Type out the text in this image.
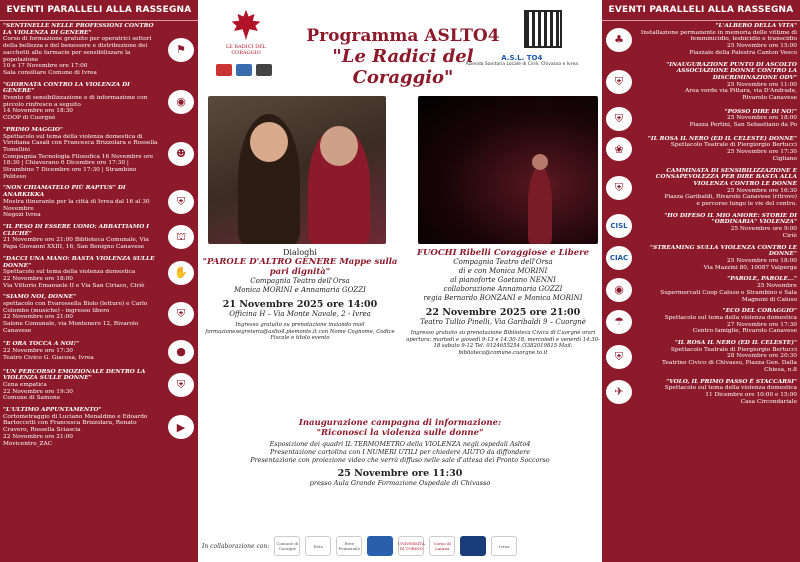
EVENTI PARALLELI ALLA RASSEGNA
"SENTINELLE NELLE PROFESSIONI CONTRO LA VIOLENZA DI GENERE"
Corso di formazione gratuito per operatrici settori della bellezza e del benessere e distribuzione dei sacchetti alle farmacie per sensibilizzare la popolazione
10 e 17 Novembre ore 17:00
Sala consiliare Comune di Ivrea
⚑
"GIORNATA CONTRO LA VIOLENZA DI GENERE"
Evento di sensibilizzazione e di informazione con piccolo rinfresco a seguito
14 Novembre ore 18:30
COOP di Cuorgnè
◉
"PRIMO MAGGIO"
Spettacolo sul tema della violenza domestica di Viridiana Casali con Francesca Brizzolara e Rossella Tomellini
Compagnia Tecnologia Filosofica 16 Novembre ore 18:30 | Chiaverano 6 Dicembre ore 17:30 | Strambino 7 Dicembre ore 17:30 | Strambino Politeso
☻
"NON CHIAMATELO PIÙ RAPTUS" DI ANARKIKKA
Mostra itinerante per la città di Ivrea dal 16 al 30 Novembre
Negozi Ivrea
⛨
"IL PESO DI ESSERE UOMO: ABBATTIAMO I CLICHÉ"
21 Novembre ore 21:00 Biblioteca Comunale, Via Papa Giovanni XXIII, 16, San Benigno Canavese
⛫
"DACCI UNA MANO: BASTA VIOLENZA SULLE DONNE"
Spettacolo sul tema della violenza domestica
22 Novembre ore 18:00
Via Vittorio Emanuele II e Via San Ciriaco, Ciriè
✋
"SIAMO NOI, DONNE"
spettacolo con Evarossella Biolo (letture) e Carlo Colombo (musiche) - ingresso libero
22 Novembre ore 21:00
Salone Comunale, via Montenero 12, Rivarolo Canavese
⛨
"E ORA TOCCA A NOI!"
22 Novembre ore 17:30
Teatro Civico G. Giacosa, Ivrea	●
"UN PERCORSO EMOZIONALE DENTRO LA VIOLENZA SULLE DONNE"
Cena empatica
22 Novembre ore 19:30
Comune di Samone
⛨
"L'ULTIMO APPUNTAMENTO"
Cortometraggio di Luciano Menaldino e Edoardo Bartoccetti con Francesca Brizzolara, Renato Cravero, Rossella Sciascia
22 Novembre ore 21:00
Movicentro_ZAC
▶
LE RADICI DEL CORAGGIO
Programma ASLTO4
"Le Radici del Coraggio"
A.S.L. TO4
Azienda Sanitaria Locale di Ciriè, Chivasso e Ivrea
Dialoghi
"PAROLE D'ALTRO GENERE Mappe sulla pari dignità"
Compagnia Teatro dell'Orsa
Monica MORINI e Annamaria GOZZI
21 Novembre 2025 ore 14:00
Officina H – Via Monte Navale, 2 - Ivrea
Ingresso gratuito su prenotazione inviando mail formazionesegreteria@aslto4.piemonte.it con Nome Cognome, Codice Fiscale e titolo evento
FUOCHI Ribelli Coraggiose e Libere
Compagnia Teatro dell'Orsa
di e con Monica MORINI
al pianoforte Gaetano NENNI
collaborazione Annamaria GOZZI
regia Bernardo BONZANI e Monica MORINI
22 Novembre 2025 ore 21:00
Teatro Tullio Pinelli, Via Garibaldi 9 – Cuorgnè
Ingresso gratuito su prenotazione Biblioteca Civica di Cuorgnè orari apertura: martedì e giovedì 9-13 e 14:30-18, mercoledì e venerdì 14:30-18 sabato 9-12 Tel. 0124655254 /3382019815 Mail: biblioteca@comune.cuorgne.to.it
Inaugurazione campagna di informazione:
"Riconosci la violenza sulle donne"
Esposizione dei quadri IL TERMOMETRO della VIOLENZA negli ospedali Aslto4
Presentazione cartolina con I NUMERI UTILI per chiedere AIUTO da diffondere
Presentazione con proiezione video che verrà diffuso nelle sale d'attesa dei Pronto Soccorso
25 Novembre ore 11:30
presso Aula Grande Formazione Ospedale di Chivasso
In collaborazione con: Comune di Cuorgnè	Rete	Rete Femminile
UNIVERSITÀ DI TORINO
Corso di Laurea	Ivrea
EVENTI PARALLELI ALLA RASSEGNA
"L'ALBERO DELLA VITA"
Installazione permanente in memoria delle vittime di femminicidio, lesbicidio e transcidio
25 Novembre ore 15:00
Piazzale della Palestra Canton Vesco
♣
"INAUGURAZIONE PUNTO DI ASCOLTO ASSOCIAZIONE DONNE CONTRO LA DISCRIMINAZIONE ODV"
25 Novembre ore 11:00
Area verde via Pittara, via D'Andrade,
Rivarolo Canavese
⛨
"POSSO DIRE DI NO!"
25 Novembre ore 18:00
Piazza Pertini, San Sebastiano da Po
⛨
"IL ROSA IL NERO (ED IL CELESTE) DONNE"
Spettacolo Teatrale di Piergiorgio Bertucci
25 Novembre ore 17:30
Cigliano
❀
CAMMINATA DI SENSIBILIZZAZIONE E CONSAPEVOLEZZA PER DIRE BASTA ALLA VIOLENZA CONTRO LE DONNE
25 Novembre ore 16:30
Piazza Garibaldi, Rivarolo Canavese (ritrovo)
e percorso lungo le vie del centro.
⛨
"HO DIFESO IL MIO AMORE: STORIE DI "ORDINARIA" VIOLENZA"
25 Novembre ore 9:00
Ciriè
CISL
"STREAMING SULLA VIOLENZA CONTRO LE DONNE"
25 Novembre ore 18:00
Via Mazzini 80, 10087 Valperga
CIAC
"PAROLE, PAROLE..."
25 Novembre
Supermercati Coop Caluso e Strambino e Sala Magnoni di Caluso
◉
"ECO DEL CORAGGIO"
Spettacolo sul tema della violenza domestica
27 Novembre ore 17:30
Centro famiglie, Rivarolo Canavese
☂
"IL ROSA IL NERO (ED IL CELESTE)"
Spettacolo Teatrale di Piergiorgio Bertucci
28 Novembre ore 20:30
Teatrino Civico di Chivasso, Piazza Gen. Dalla Chiesa, n.8
⛨
"VOLO, IL PRIMO PASSO È STACCARSI"
Spettacolo sul tema della violenza domestica
11 Dicembre ore 10:00 e 15:00
Casa Circondariale
✈
